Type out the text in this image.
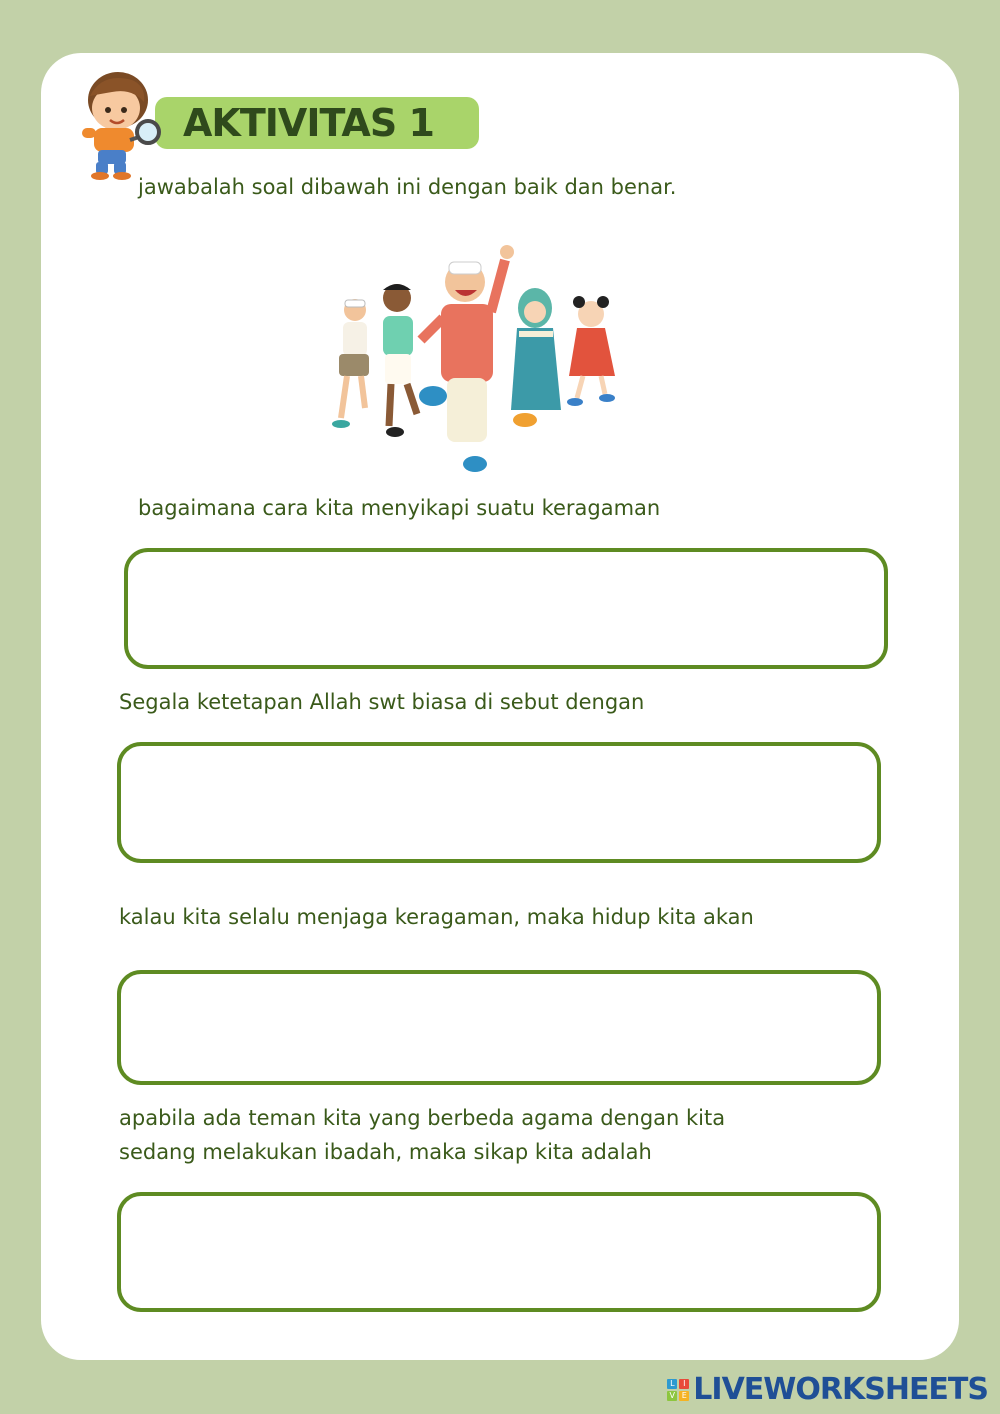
AKTIVITAS 1
jawabalah soal dibawah ini dengan baik dan benar.
bagaimana cara kita menyikapi suatu keragaman
Segala ketetapan Allah swt biasa di sebut dengan
kalau kita selalu menjaga keragaman, maka hidup kita akan
apabila ada teman kita yang berbeda agama dengan kita
sedang melakukan ibadah, maka sikap kita adalah
L	I
V E LIVEWORKSHEETS
